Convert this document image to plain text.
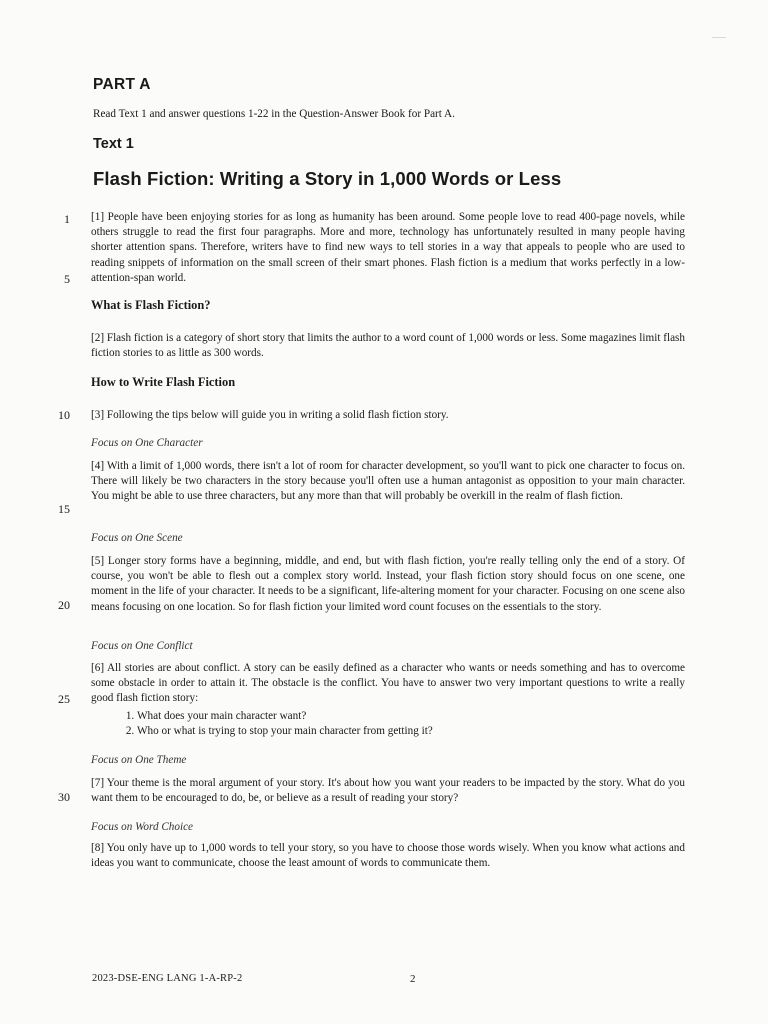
PART A
Read Text 1 and answer questions 1-22 in the Question-Answer Book for Part A.
Text 1
Flash Fiction: Writing a Story in 1,000 Words or Less
1
5
10
15
20
25
30
[1] People have been enjoying stories for as long as humanity has been around. Some people love to read 400-page novels, while others struggle to read the first four paragraphs. More and more, technology has unfortunately resulted in many people having shorter attention spans. Therefore, writers have to find new ways to tell stories in a way that appeals to people who are used to reading snippets of information on the small screen of their smart phones. Flash fiction is a medium that works perfectly in a low-attention-span world.
What is Flash Fiction?
[2] Flash fiction is a category of short story that limits the author to a word count of 1,000 words or less. Some magazines limit flash fiction stories to as little as 300 words.
How to Write Flash Fiction
[3] Following the tips below will guide you in writing a solid flash fiction story.
Focus on One Character
[4] With a limit of 1,000 words, there isn't a lot of room for character development, so you'll want to pick one character to focus on. There will likely be two characters in the story because you'll often use a human antagonist as opposition to your main character. You might be able to use three characters, but any more than that will probably be overkill in the realm of flash fiction.
Focus on One Scene
[5] Longer story forms have a beginning, middle, and end, but with flash fiction, you're really telling only the end of a story. Of course, you won't be able to flesh out a complex story world. Instead, your flash fiction story should focus on one scene, one moment in the life of your character. It needs to be a significant, life-altering moment for your character. Focusing on one scene also means focusing on one location. So for flash fiction your limited word count focuses on the essentials to the story.
Focus on One Conflict
[6] All stories are about conflict. A story can be easily defined as a character who wants or needs something and has to overcome some obstacle in order to attain it. The obstacle is the conflict. You have to answer two very important questions to write a really good flash fiction story:
1. What does your main character want?
2. Who or what is trying to stop your main character from getting it?
Focus on One Theme
[7] Your theme is the moral argument of your story. It's about how you want your readers to be impacted by the story. What do you want them to be encouraged to do, be, or believe as a result of reading your story?
Focus on Word Choice
[8] You only have up to 1,000 words to tell your story, so you have to choose those words wisely. When you know what actions and ideas you want to communicate, choose the least amount of words to communicate them.
2023-DSE-ENG LANG 1-A-RP-2	2
